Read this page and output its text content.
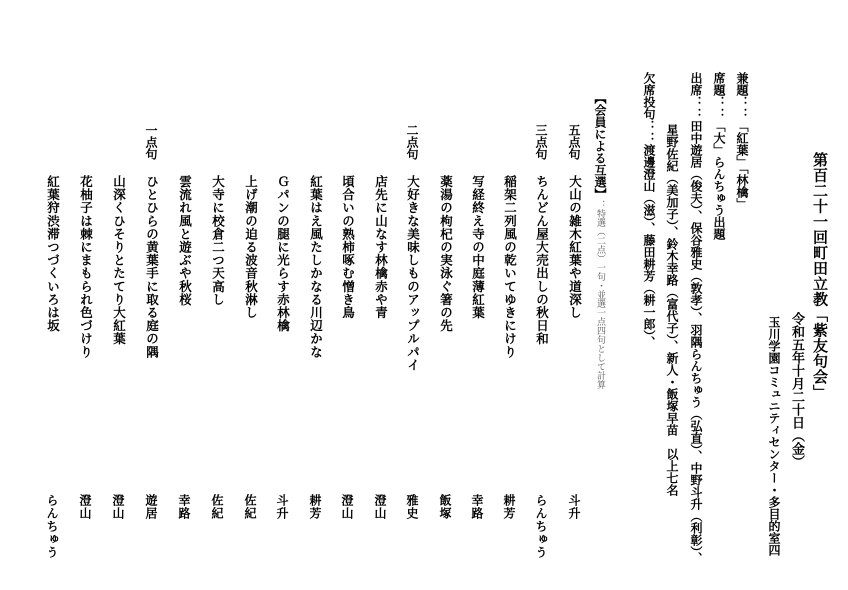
第百二十一回町田立教「紫友句会」
令和五年十月二十日（金）
玉川学園コミュニティセンター・多目的室四
兼題：：「紅葉」「林檎」
席題：：「大」らんちゅう出題
出席：：田中遊居（俊夫）、保谷雅史（敦孝）、羽隅らんちゅう（弘直）、中野斗升（利彰）、
星野佐紀（美加子）、鈴木幸路（富代子）、新人・飯塚早苗　以上七名
欠席投句：：渡邊澄山（滋）、藤田耕芳（耕一郎）、
【会員による互選】：特選（二点）一句・並選一点四句として計算
五点句
大山の雑木紅葉や道深し
斗升
三点句
ちんどん屋大売出しの秋日和
らんちゅう
稲架二列風の乾いてゆきにけり
耕芳
写経終え寺の中庭薄紅葉
幸路
薬湯の枸杞の実泳ぐ箸の先
飯塚
二点句
大好きな美味しものアップルパイ
雅史
店先に山なす林檎赤や青
澄山
頃合いの熟柿啄む憎き鳥
澄山
紅葉はえ風たしかなる川辺かな
耕芳
Ｇパンの腿に光らす赤林檎
斗升
上げ潮の迫る波音秋淋し
佐紀
大寺に校倉二つ天高し
佐紀
雲流れ風と遊ぶや秋桜
幸路
一点句
ひとひらの黄葉手に取る庭の隅
遊居
山深くひそりとたてり大紅葉
澄山
花柚子は棘にまもられ色づけり
澄山
紅葉狩渋滞つづくいろは坂
らんちゅう
